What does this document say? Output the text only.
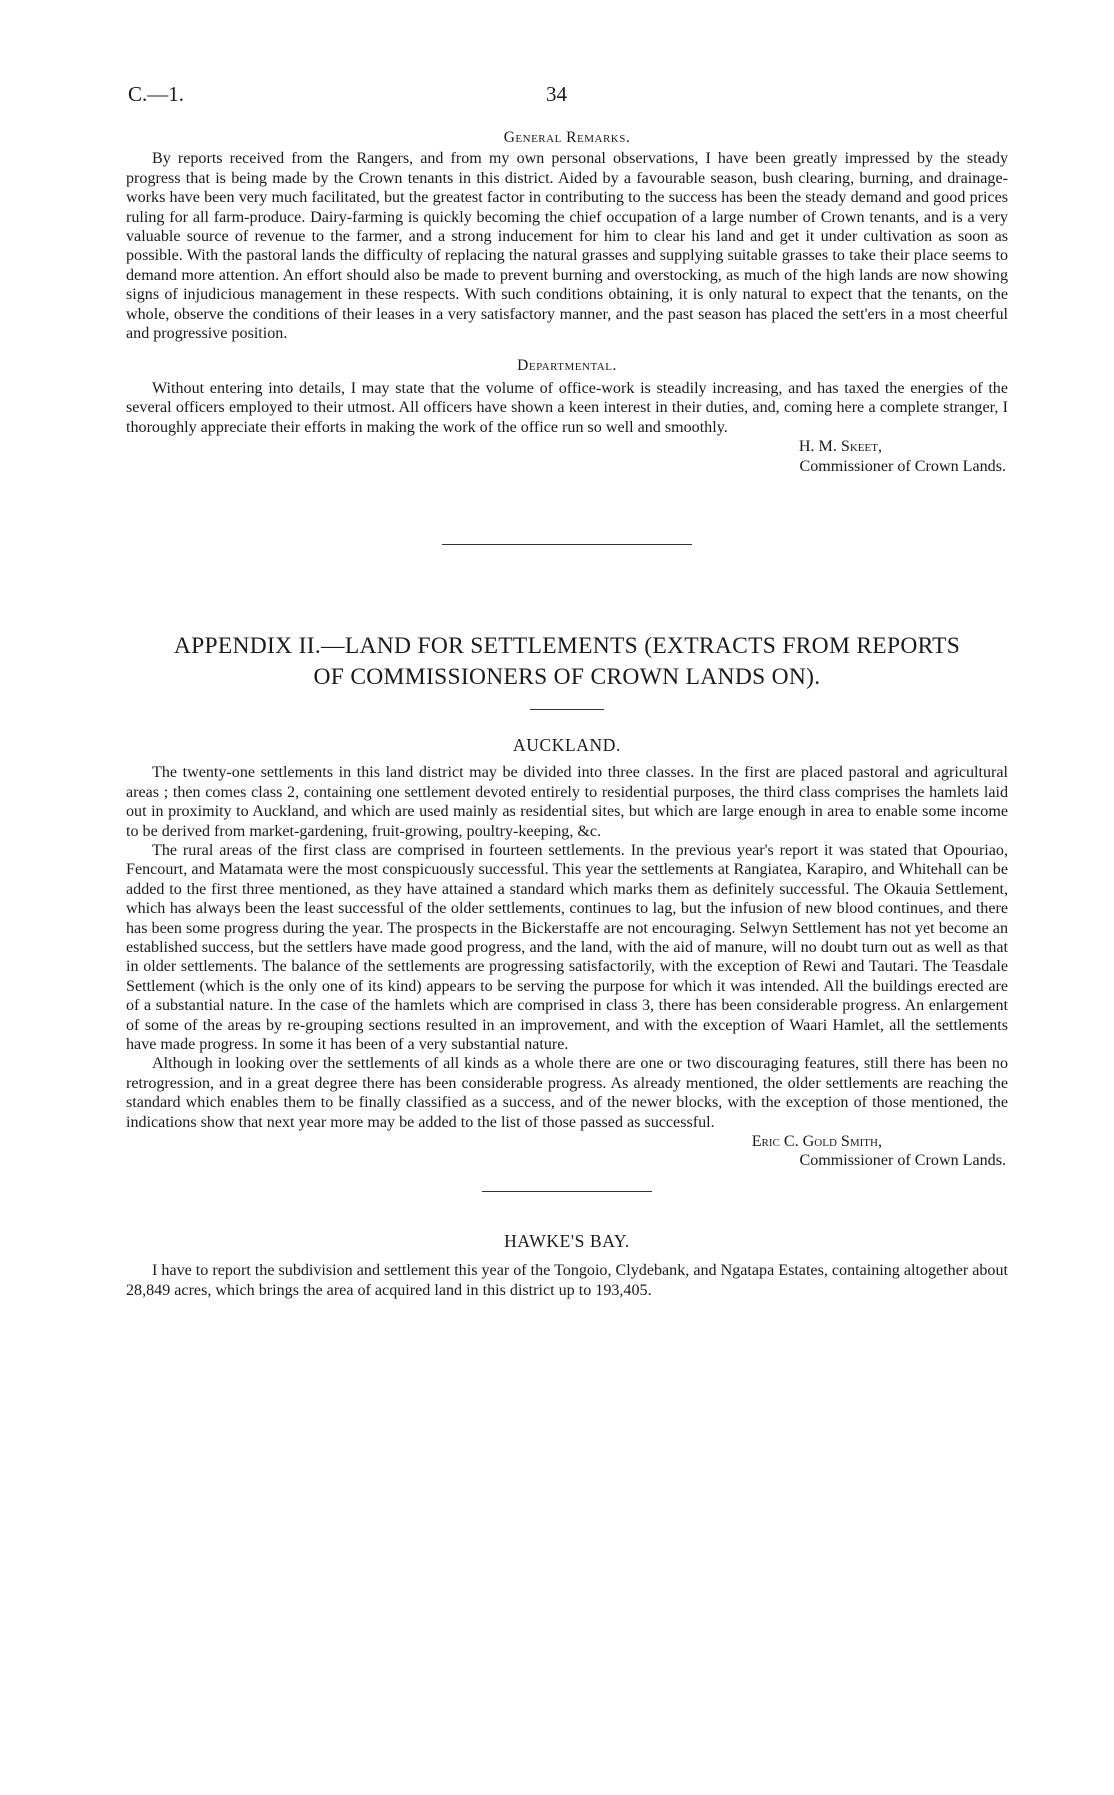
C.—1.	34

General Remarks.

By reports received from the Rangers, and from my own personal observations, I have been greatly impressed by the steady progress that is being made by the Crown tenants in this district. Aided by a favourable season, bush clearing, burning, and drainage-works have been very much facilitated, but the greatest factor in contributing to the success has been the steady demand and good prices ruling for all farm-produce. Dairy-farming is quickly becoming the chief occupation of a large number of Crown tenants, and is a very valuable source of revenue to the farmer, and a strong inducement for him to clear his land and get it under cultivation as soon as possible. With the pastoral lands the difficulty of replacing the natural grasses and supplying suitable grasses to take their place seems to demand more attention. An effort should also be made to prevent burning and overstocking, as much of the high lands are now showing signs of injudicious management in these respects. With such conditions obtaining, it is only natural to expect that the tenants, on the whole, observe the conditions of their leases in a very satisfactory manner, and the past season has placed the sett'ers in a most cheerful and progressive position.

Departmental.

Without entering into details, I may state that the volume of office-work is steadily increasing, and has taxed the energies of the several officers employed to their utmost. All officers have shown a keen interest in their duties, and, coming here a complete stranger, I thoroughly appreciate their efforts in making the work of the office run so well and smoothly.

H. M. Skeet,

Commissioner of Crown Lands.

APPENDIX II.—LAND FOR SETTLEMENTS (EXTRACTS FROM REPORTS

OF COMMISSIONERS OF CROWN LANDS ON).

AUCKLAND.

The twenty-one settlements in this land district may be divided into three classes. In the first are placed pastoral and agricultural areas ; then comes class 2, containing one settlement devoted entirely to residential purposes, the third class comprises the hamlets laid out in proximity to Auckland, and which are used mainly as residential sites, but which are large enough in area to enable some income to be derived from market-gardening, fruit-growing, poultry-keeping, &c.

The rural areas of the first class are comprised in fourteen settlements. In the previous year's report it was stated that Opouriao, Fencourt, and Matamata were the most conspicuously successful. This year the settlements at Rangiatea, Karapiro, and Whitehall can be added to the first three mentioned, as they have attained a standard which marks them as definitely successful. The Okauia Settlement, which has always been the least successful of the older settlements, continues to lag, but the infusion of new blood continues, and there has been some progress during the year. The prospects in the Bickerstaffe are not encouraging. Selwyn Settlement has not yet become an established success, but the settlers have made good progress, and the land, with the aid of manure, will no doubt turn out as well as that in older settlements. The balance of the settlements are progressing satisfactorily, with the exception of Rewi and Tautari. The Teasdale Settlement (which is the only one of its kind) appears to be serving the purpose for which it was intended. All the buildings erected are of a substantial nature. In the case of the hamlets which are comprised in class 3, there has been considerable progress. An enlargement of some of the areas by re-grouping sections resulted in an improvement, and with the exception of Waari Hamlet, all the settlements have made progress. In some it has been of a very substantial nature.

Although in looking over the settlements of all kinds as a whole there are one or two discouraging features, still there has been no retrogression, and in a great degree there has been considerable progress. As already mentioned, the older settlements are reaching the standard which enables them to be finally classified as a success, and of the newer blocks, with the exception of those mentioned, the indications show that next year more may be added to the list of those passed as successful.

Eric C. Gold Smith,

Commissioner of Crown Lands.

HAWKE'S BAY.

I have to report the subdivision and settlement this year of the Tongoio, Clydebank, and Ngatapa Estates, containing altogether about 28,849 acres, which brings the area of acquired land in this district up to 193,405.
